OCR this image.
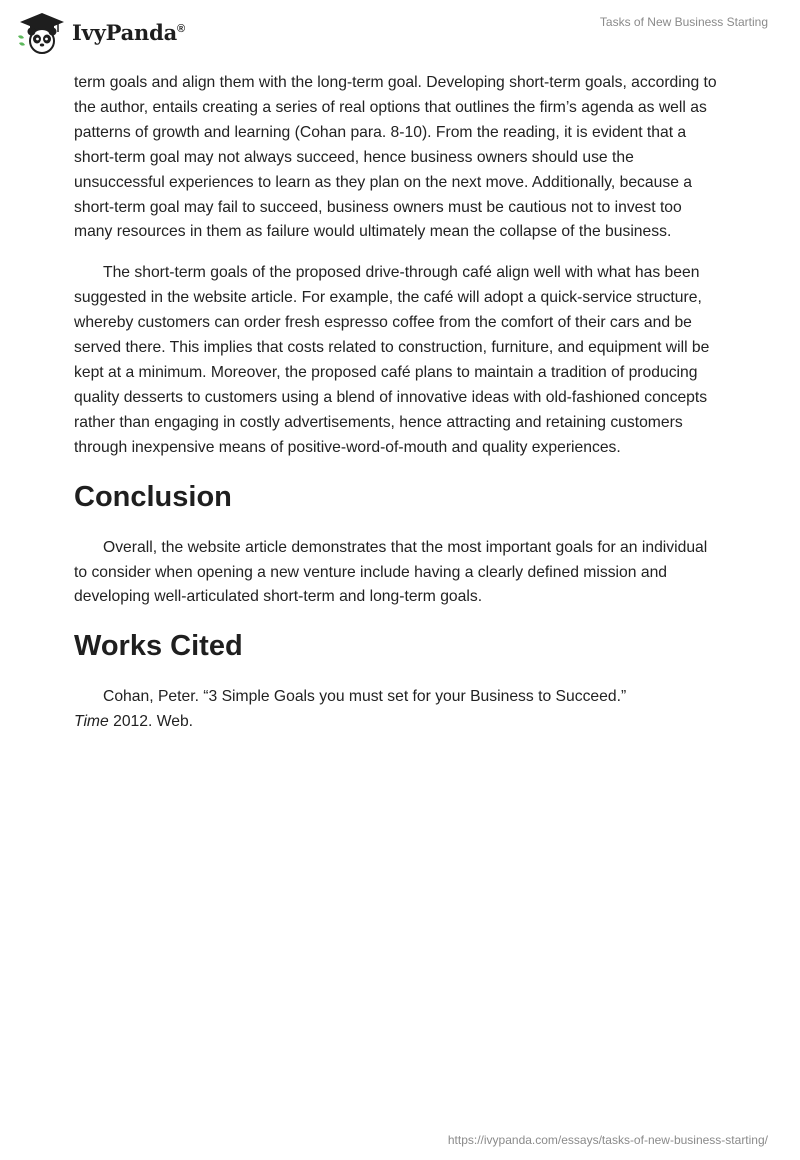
IvyPanda®	Tasks of New Business Starting

term goals and align them with the long-term goal. Developing short-term goals, according to the author, entails creating a series of real options that outlines the firm’s agenda as well as patterns of growth and learning (Cohan para. 8-10). From the reading, it is evident that a short-term goal may not always succeed, hence business owners should use the unsuccessful experiences to learn as they plan on the next move. Additionally, because a short-term goal may fail to succeed, business owners must be cautious not to invest too many resources in them as failure would ultimately mean the collapse of the business.

The short-term goals of the proposed drive-through café align well with what has been suggested in the website article. For example, the café will adopt a quick-service structure, whereby customers can order fresh espresso coffee from the comfort of their cars and be served there. This implies that costs related to construction, furniture, and equipment will be kept at a minimum. Moreover, the proposed café plans to maintain a tradition of producing quality desserts to customers using a blend of innovative ideas with old-fashioned concepts rather than engaging in costly advertisements, hence attracting and retaining customers through inexpensive means of positive-word-of-mouth and quality experiences.

Conclusion

Overall, the website article demonstrates that the most important goals for an individual to consider when opening a new venture include having a clearly defined mission and developing well-articulated short-term and long-term goals.

Works Cited

Cohan, Peter. “3 Simple Goals you must set for your Business to Succeed.”
Time 2012. Web.

https://ivypanda.com/essays/tasks-of-new-business-starting/
